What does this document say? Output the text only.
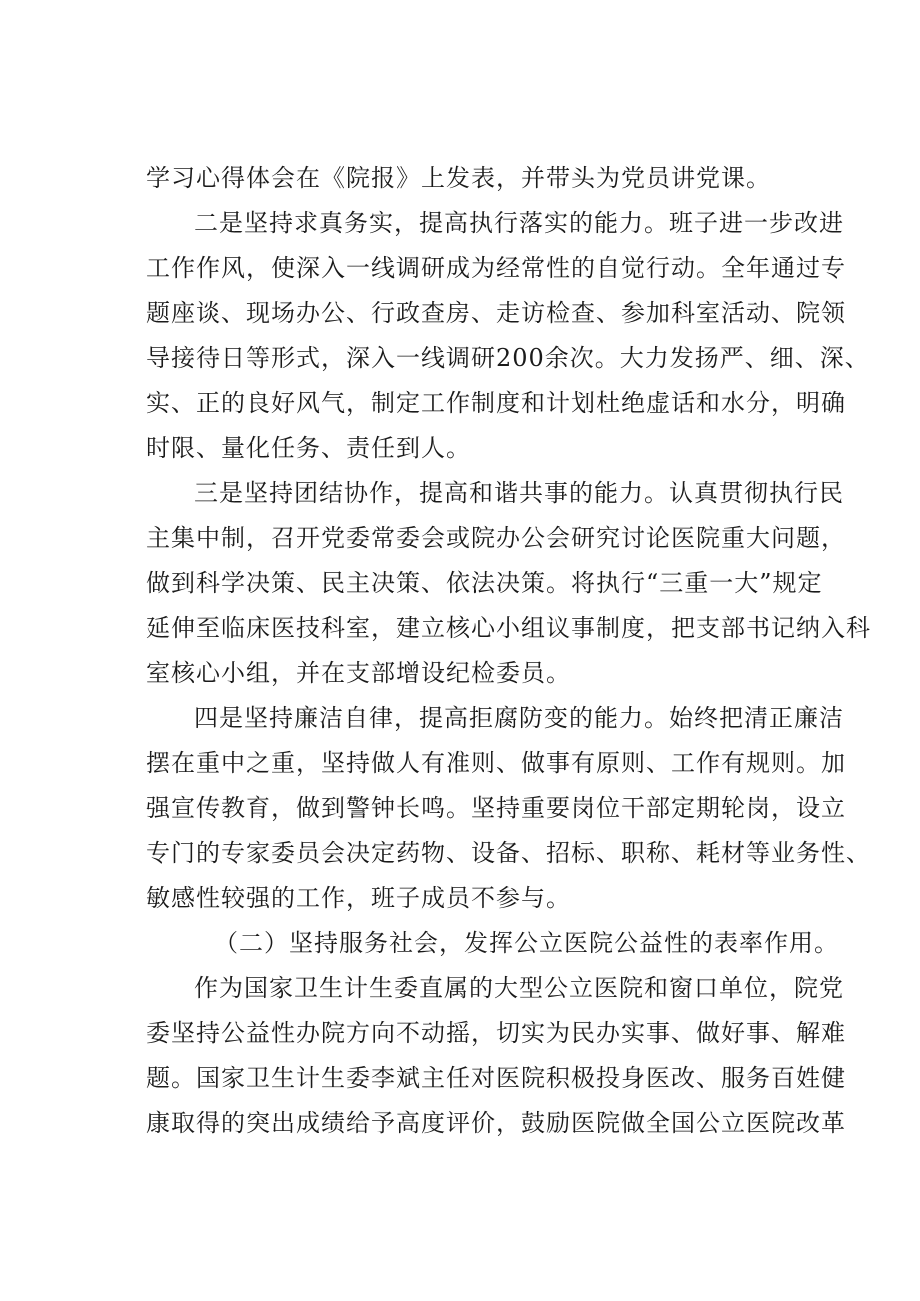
学习心得体会在《院报》上发表，并带头为党员讲党课。
二是坚持求真务实，提高执行落实的能力。班子进一步改进
工作作风，使深入一线调研成为经常性的自觉行动。全年通过专
题座谈、现场办公、行政查房、走访检查、参加科室活动、院领
导接待日等形式，深入一线调研200余次。大力发扬严、细、深、
实、正的良好风气，制定工作制度和计划杜绝虚话和水分，明确
时限、量化任务、责任到人。
三是坚持团结协作，提高和谐共事的能力。认真贯彻执行民
主集中制，召开党委常委会或院办公会研究讨论医院重大问题，
做到科学决策、民主决策、依法决策。将执行“三重一大”规定
延伸至临床医技科室，建立核心小组议事制度，把支部书记纳入科
室核心小组，并在支部增设纪检委员。
四是坚持廉洁自律，提高拒腐防变的能力。始终把清正廉洁
摆在重中之重，坚持做人有准则、做事有原则、工作有规则。加
强宣传教育，做到警钟长鸣。坚持重要岗位干部定期轮岗，设立
专门的专家委员会决定药物、设备、招标、职称、耗材等业务性、
敏感性较强的工作，班子成员不参与。
（二）坚持服务社会，发挥公立医院公益性的表率作用。
作为国家卫生计生委直属的大型公立医院和窗口单位，院党
委坚持公益性办院方向不动摇，切实为民办实事、做好事、解难
题。国家卫生计生委李斌主任对医院积极投身医改、服务百姓健
康取得的突出成绩给予高度评价，鼓励医院做全国公立医院改革
